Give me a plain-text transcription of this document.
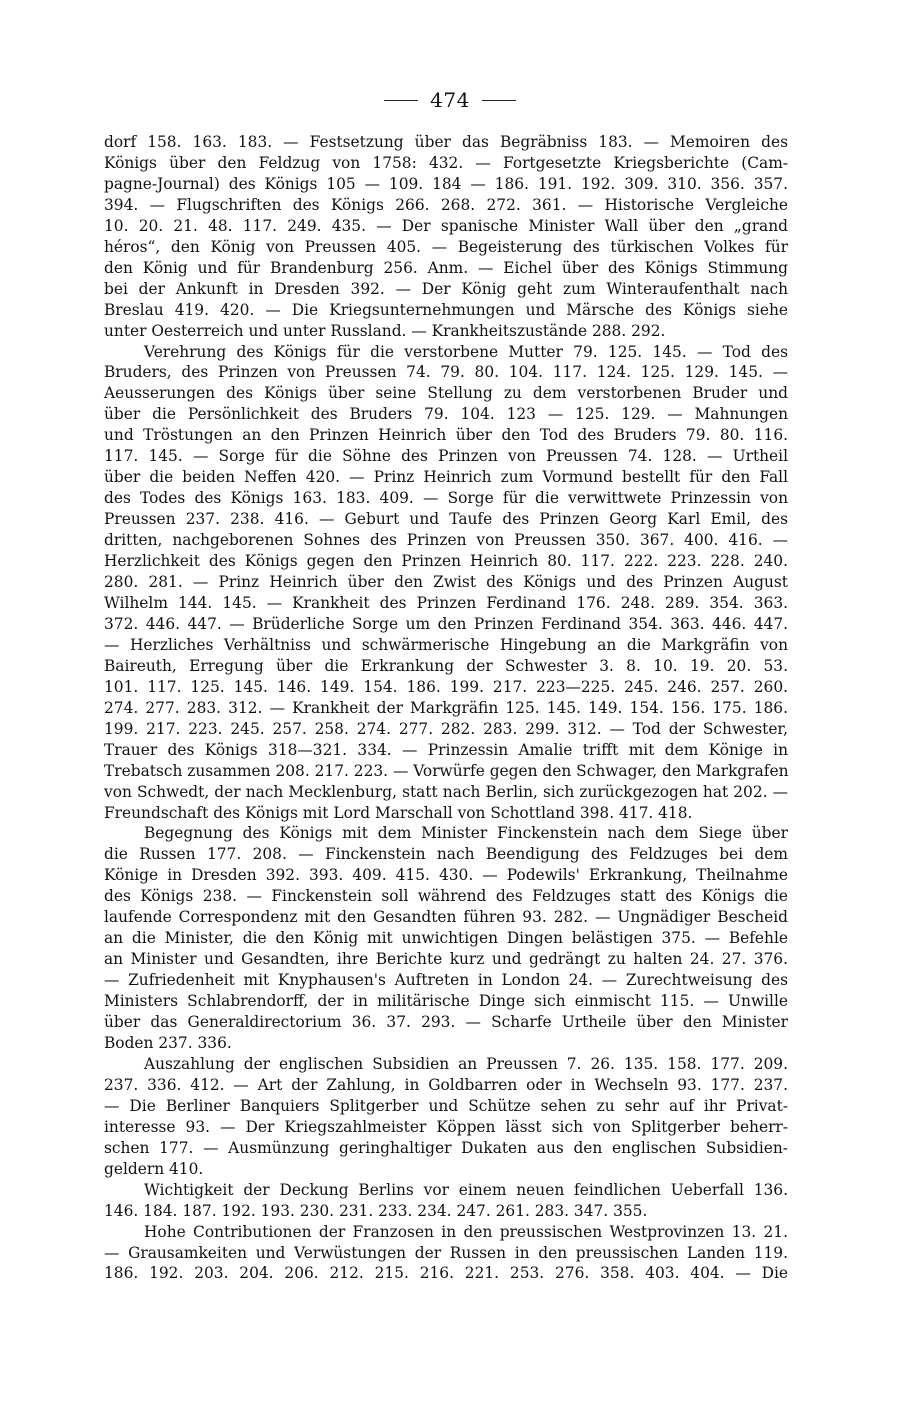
474
dorf 158. 163. 183. — Festsetzung über das Begräbniss 183. — Memoiren des
Königs über den Feldzug von 1758: 432. — Fortgesetzte Kriegsberichte (Cam-
pagne-Journal) des Königs 105 — 109. 184 — 186. 191. 192. 309. 310. 356. 357.
394. — Flugschriften des Königs 266. 268. 272. 361. — Historische Vergleiche
10. 20. 21. 48. 117. 249. 435. — Der spanische Minister Wall über den „grand
héros“, den König von Preussen 405. — Begeisterung des türkischen Volkes für
den König und für Brandenburg 256. Anm. — Eichel über des Königs Stimmung
bei der Ankunft in Dresden 392. — Der König geht zum Winteraufenthalt nach
Breslau 419. 420. — Die Kriegsunternehmungen und Märsche des Königs siehe
unter Oesterreich und unter Russland. — Krankheitszustände 288. 292.
Verehrung des Königs für die verstorbene Mutter 79. 125. 145. — Tod des
Bruders, des Prinzen von Preussen 74. 79. 80. 104. 117. 124. 125. 129. 145. —
Aeusserungen des Königs über seine Stellung zu dem verstorbenen Bruder und
über die Persönlichkeit des Bruders 79. 104. 123 — 125. 129. — Mahnungen
und Tröstungen an den Prinzen Heinrich über den Tod des Bruders 79. 80. 116.
117. 145. — Sorge für die Söhne des Prinzen von Preussen 74. 128. — Urtheil
über die beiden Neffen 420. — Prinz Heinrich zum Vormund bestellt für den Fall
des Todes des Königs 163. 183. 409. — Sorge für die verwittwete Prinzessin von
Preussen 237. 238. 416. — Geburt und Taufe des Prinzen Georg Karl Emil, des
dritten, nachgeborenen Sohnes des Prinzen von Preussen 350. 367. 400. 416. —
Herzlichkeit des Königs gegen den Prinzen Heinrich 80. 117. 222. 223. 228. 240.
280. 281. — Prinz Heinrich über den Zwist des Königs und des Prinzen August
Wilhelm 144. 145. — Krankheit des Prinzen Ferdinand 176. 248. 289. 354. 363.
372. 446. 447. — Brüderliche Sorge um den Prinzen Ferdinand 354. 363. 446. 447.
— Herzliches Verhältniss und schwärmerische Hingebung an die Markgräfin von
Baireuth, Erregung über die Erkrankung der Schwester 3. 8. 10. 19. 20. 53.
101. 117. 125. 145. 146. 149. 154. 186. 199. 217. 223—225. 245. 246. 257. 260.
274. 277. 283. 312. — Krankheit der Markgräfin 125. 145. 149. 154. 156. 175. 186.
199. 217. 223. 245. 257. 258. 274. 277. 282. 283. 299. 312. — Tod der Schwester,
Trauer des Königs 318—321. 334. — Prinzessin Amalie trifft mit dem Könige in
Trebatsch zusammen 208. 217. 223. — Vorwürfe gegen den Schwager, den Markgrafen
von Schwedt, der nach Mecklenburg, statt nach Berlin, sich zurückgezogen hat 202. —
Freundschaft des Königs mit Lord Marschall von Schottland 398. 417. 418.
Begegnung des Königs mit dem Minister Finckenstein nach dem Siege über
die Russen 177. 208. — Finckenstein nach Beendigung des Feldzuges bei dem
Könige in Dresden 392. 393. 409. 415. 430. — Podewils' Erkrankung, Theilnahme
des Königs 238. — Finckenstein soll während des Feldzuges statt des Königs die
laufende Correspondenz mit den Gesandten führen 93. 282. — Ungnädiger Bescheid
an die Minister, die den König mit unwichtigen Dingen belästigen 375. — Befehle
an Minister und Gesandten, ihre Berichte kurz und gedrängt zu halten 24. 27. 376.
— Zufriedenheit mit Knyphausen's Auftreten in London 24. — Zurechtweisung des
Ministers Schlabrendorff, der in militärische Dinge sich einmischt 115. — Unwille
über das Generaldirectorium 36. 37. 293. — Scharfe Urtheile über den Minister
Boden 237. 336.
Auszahlung der englischen Subsidien an Preussen 7. 26. 135. 158. 177. 209.
237. 336. 412. — Art der Zahlung, in Goldbarren oder in Wechseln 93. 177. 237.
— Die Berliner Banquiers Splitgerber und Schütze sehen zu sehr auf ihr Privat-
interesse 93. — Der Kriegszahlmeister Köppen lässt sich von Splitgerber beherr-
schen 177. — Ausmünzung geringhaltiger Dukaten aus den englischen Subsidien-
geldern 410.
Wichtigkeit der Deckung Berlins vor einem neuen feindlichen Ueberfall 136.
146. 184. 187. 192. 193. 230. 231. 233. 234. 247. 261. 283. 347. 355.
Hohe Contributionen der Franzosen in den preussischen Westprovinzen 13. 21.
— Grausamkeiten und Verwüstungen der Russen in den preussischen Landen 119.
186. 192. 203. 204. 206. 212. 215. 216. 221. 253. 276. 358. 403. 404. — Die
